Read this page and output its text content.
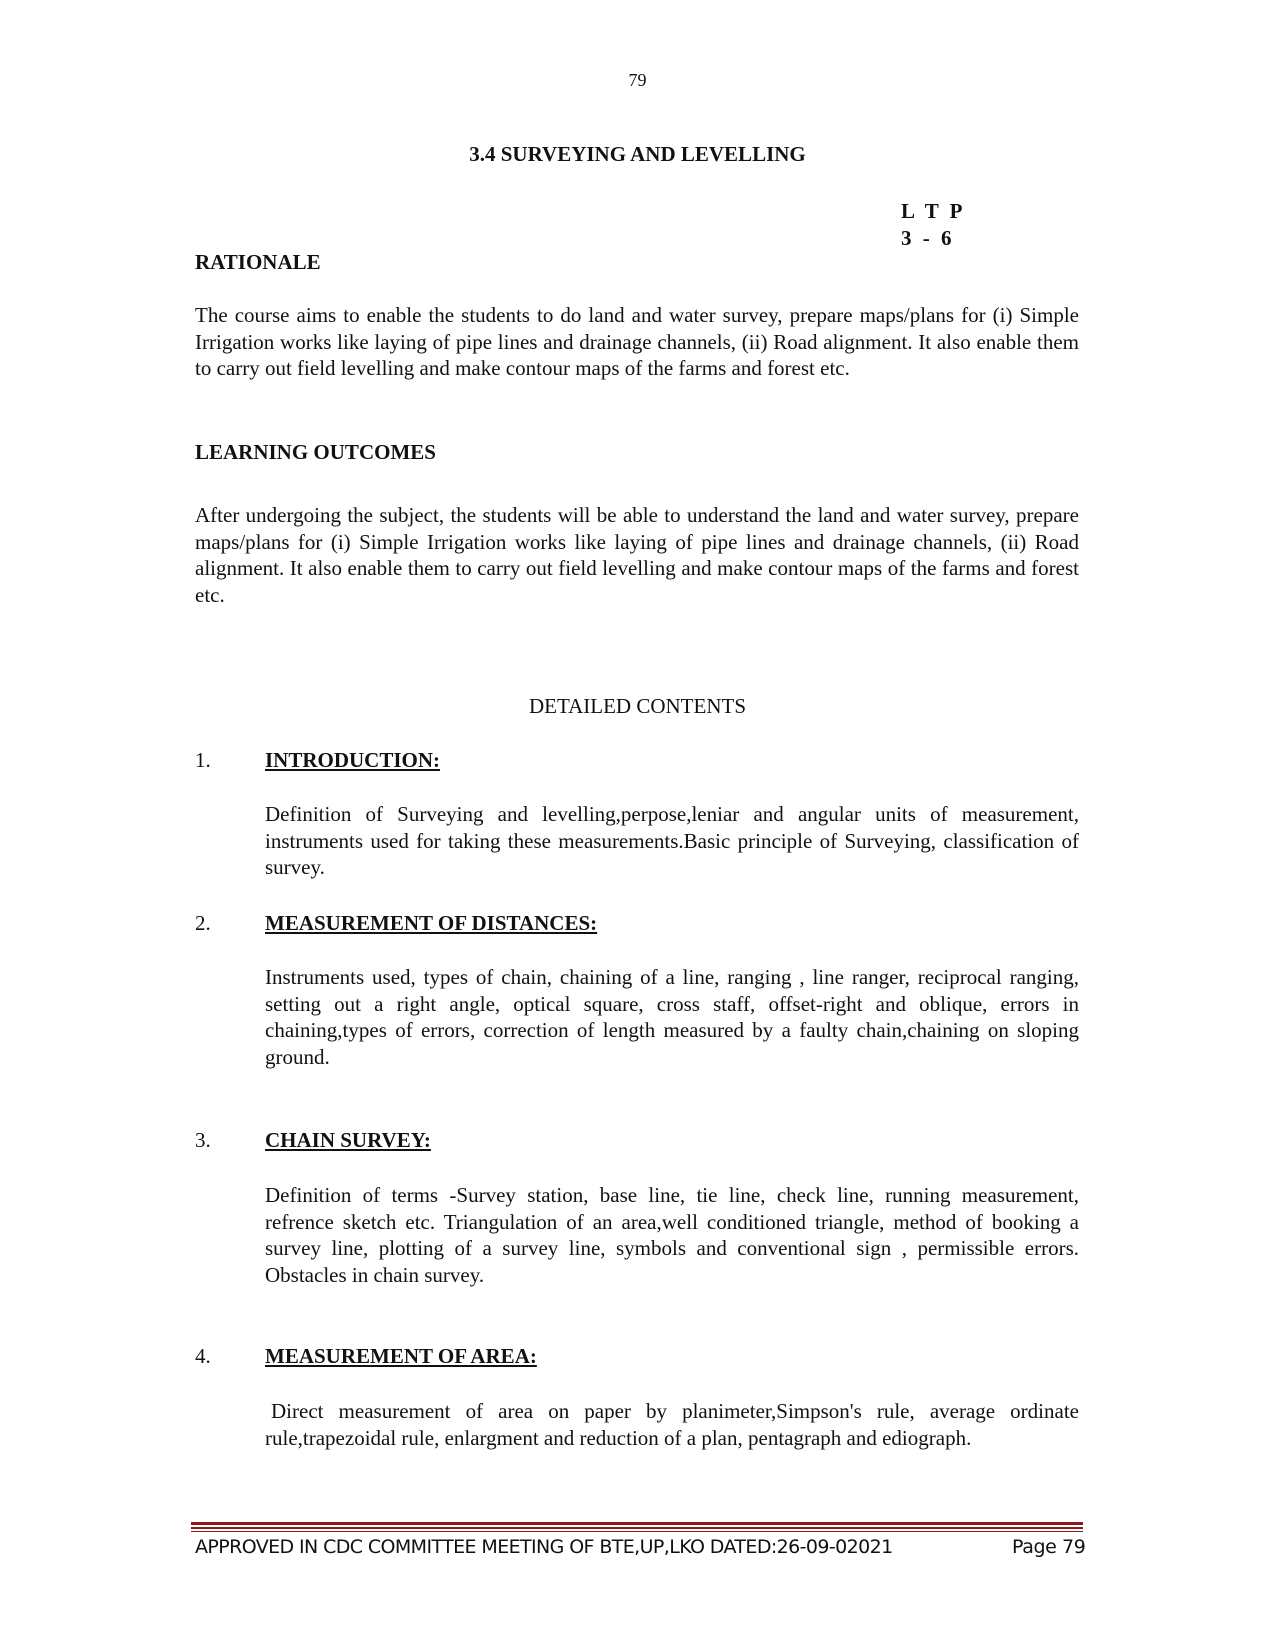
79
3.4 SURVEYING AND LEVELLING
L T P
3 - 6
RATIONALE
The course aims to enable the students to do land and water survey, prepare maps/plans for (i) Simple Irrigation works like laying of pipe lines and drainage channels, (ii) Road alignment. It also enable them to carry out field levelling and make contour maps of the farms and forest etc.
LEARNING OUTCOMES
After undergoing the subject, the students will be able to understand the land and water survey, prepare maps/plans for (i) Simple Irrigation works like laying of pipe lines and drainage channels, (ii) Road alignment. It also enable them to carry out field levelling and make contour maps of the farms and forest etc.
DETAILED CONTENTS
1.	INTRODUCTION:
Definition of Surveying and levelling,perpose,leniar and angular units of measurement, instruments used for taking these measurements.Basic principle of Surveying, classification of survey.
2.	MEASUREMENT OF DISTANCES:
Instruments used, types of chain, chaining of a line, ranging , line ranger, reciprocal ranging, setting out a right angle, optical square, cross staff, offset-right and oblique, errors in chaining,types of errors, correction of length measured by a faulty chain,chaining on sloping ground.
3.	CHAIN SURVEY:
Definition of terms -Survey station, base line, tie line, check line, running measurement, refrence sketch etc. Triangulation of an area,well conditioned triangle, method of booking a survey line, plotting of a survey line, symbols and conventional sign , permissible errors. Obstacles in chain survey.
4.	MEASUREMENT OF AREA:
Direct measurement of area on paper by planimeter,Simpson's rule, average ordinate rule,trapezoidal rule, enlargment and reduction of a plan, pentagraph and ediograph.
APPROVED IN CDC COMMITTEE MEETING OF BTE,UP,LKO DATED:26-09-02021	Page 79
